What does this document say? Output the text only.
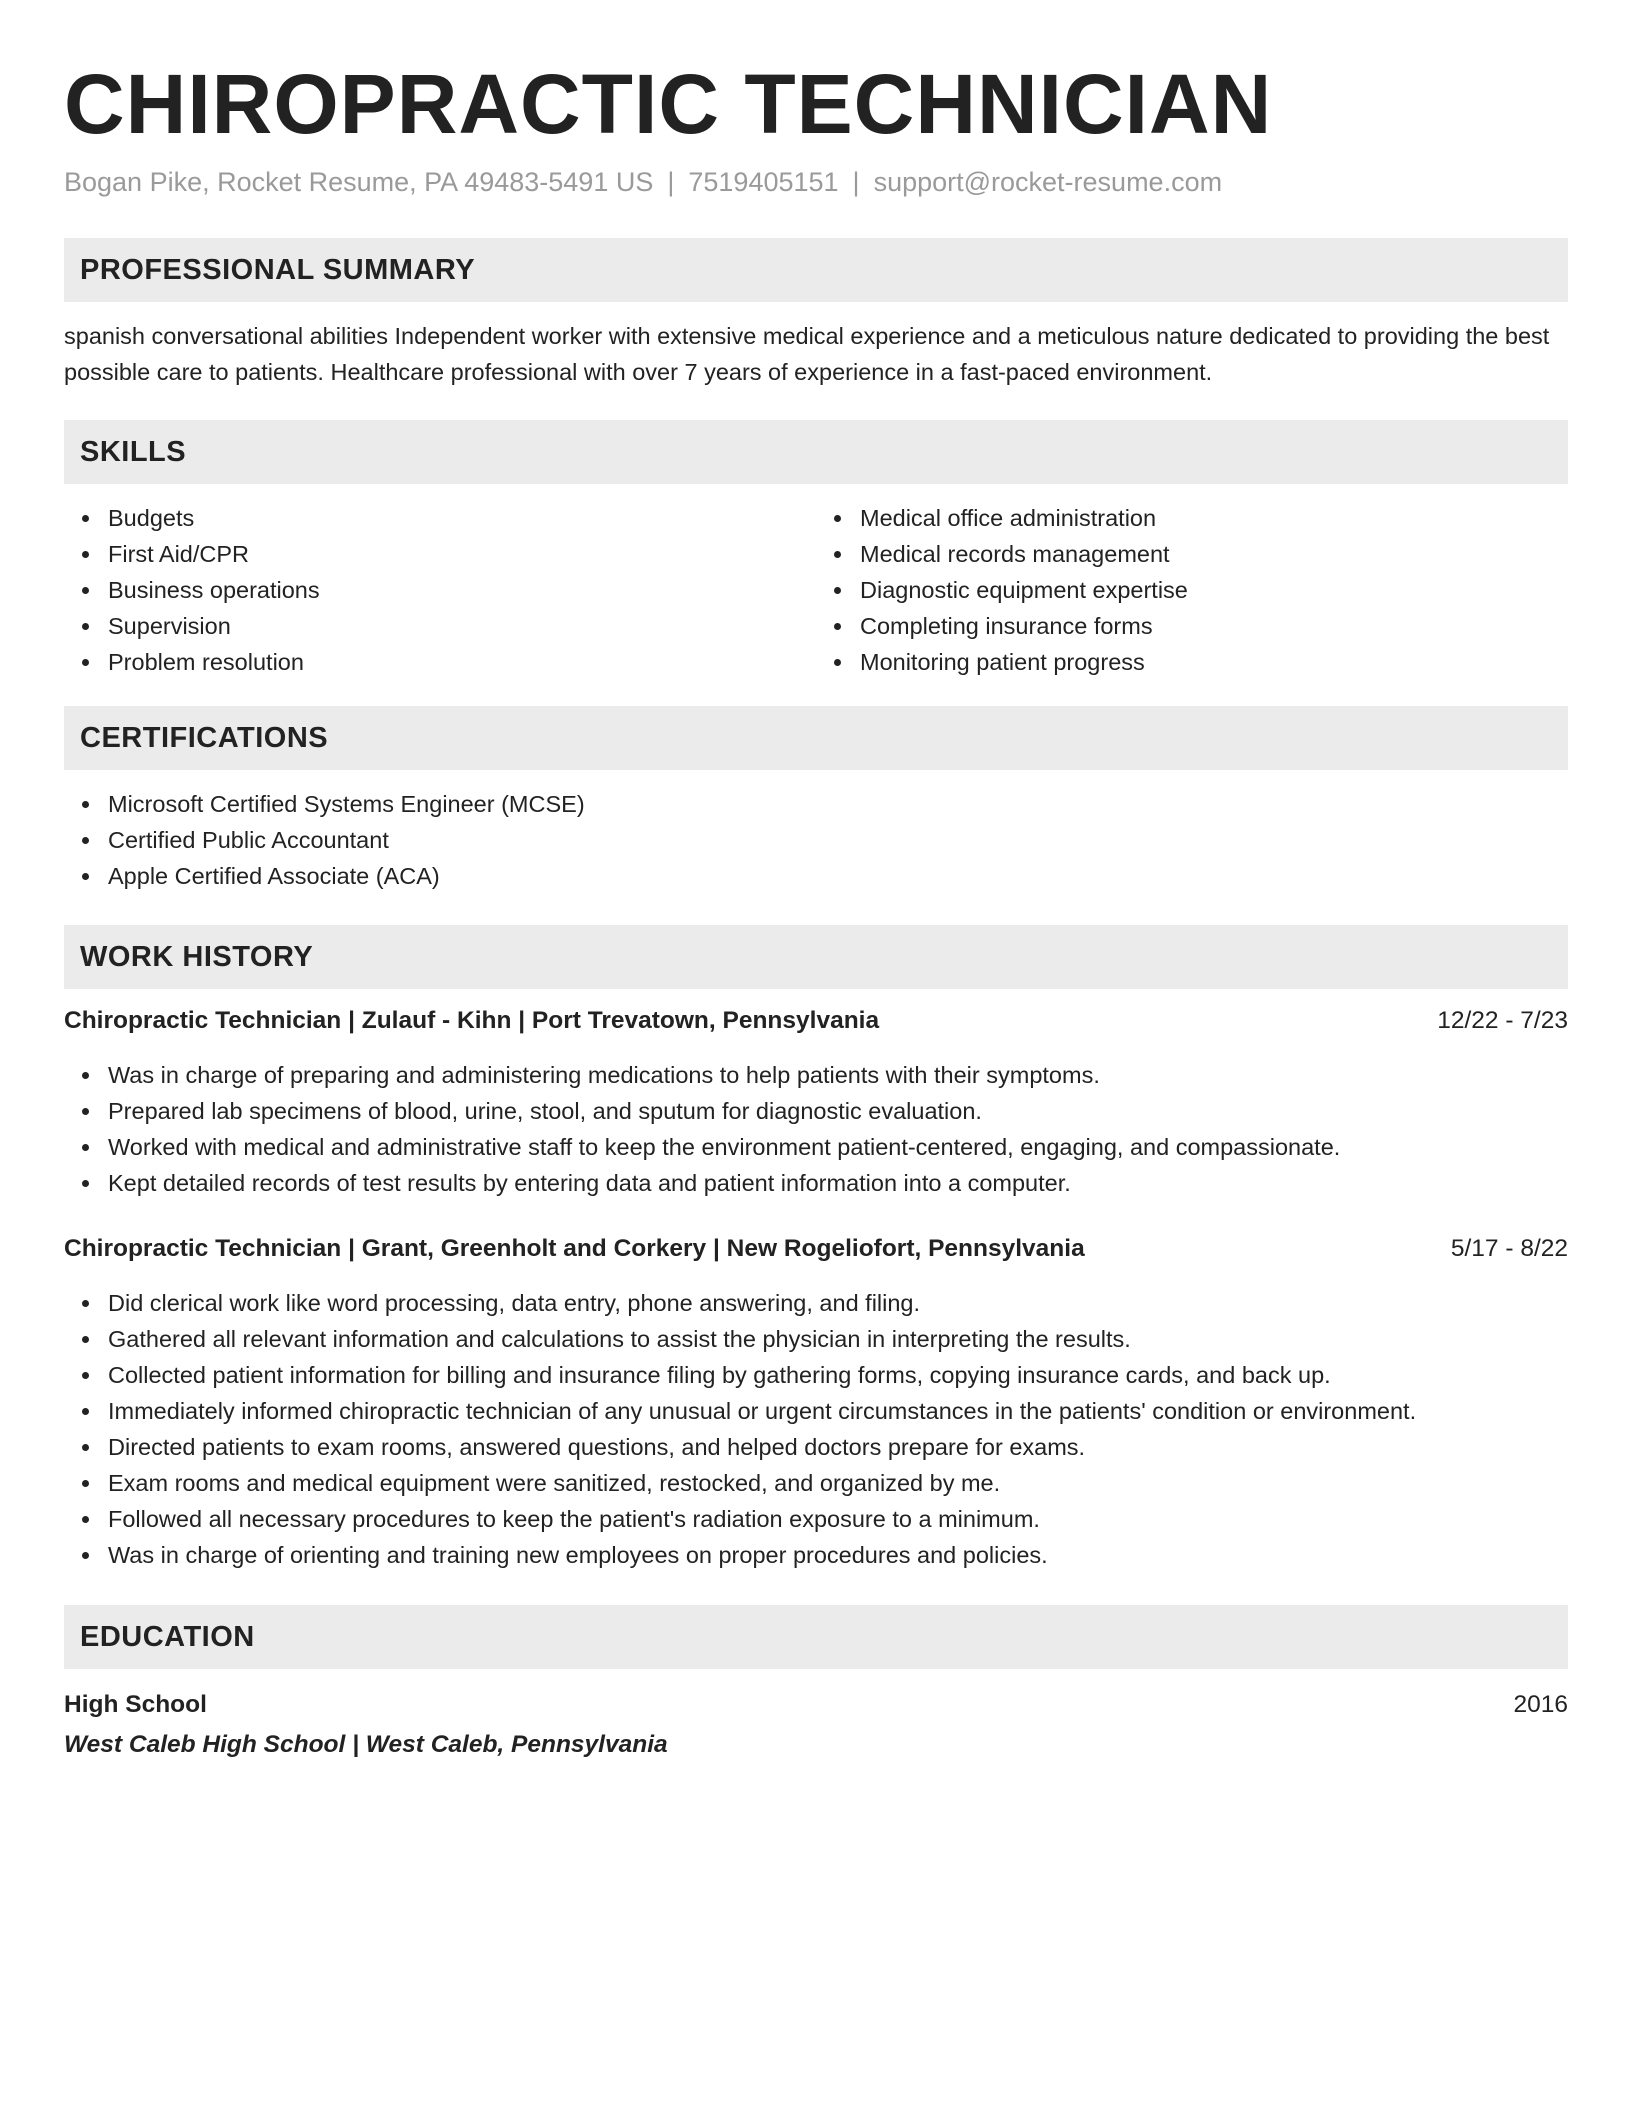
CHIROPRACTIC TECHNICIAN
Bogan Pike, Rocket Resume, PA 49483-5491 US | 7519405151 | support@rocket-resume.com
PROFESSIONAL SUMMARY

spanish conversational abilities Independent worker with extensive medical experience and a meticulous nature dedicated to providing the best possible care to patients. Healthcare professional with over 7 years of experience in a fast-paced environment.

SKILLS
Budgets
First Aid/CPR
Business operations
Supervision
Problem resolution
Medical office administration
Medical records management
Diagnostic equipment expertise
Completing insurance forms
Monitoring patient progress
CERTIFICATIONS
Microsoft Certified Systems Engineer (MCSE)
Certified Public Accountant
Apple Certified Associate (ACA)
WORK HISTORY
Chiropractic Technician | Zulauf - Kihn | Port Trevatown, Pennsylvania	12/22 - 7/23
Was in charge of preparing and administering medications to help patients with their symptoms.
Prepared lab specimens of blood, urine, stool, and sputum for diagnostic evaluation.
Worked with medical and administrative staff to keep the environment patient-centered, engaging, and compassionate.
Kept detailed records of test results by entering data and patient information into a computer.
Chiropractic Technician | Grant, Greenholt and Corkery | New Rogeliofort, Pennsylvania	5/17 - 8/22
Did clerical work like word processing, data entry, phone answering, and filing.
Gathered all relevant information and calculations to assist the physician in interpreting the results.
Collected patient information for billing and insurance filing by gathering forms, copying insurance cards, and back up.
Immediately informed chiropractic technician of any unusual or urgent circumstances in the patients' condition or environment.
Directed patients to exam rooms, answered questions, and helped doctors prepare for exams.
Exam rooms and medical equipment were sanitized, restocked, and organized by me.
Followed all necessary procedures to keep the patient's radiation exposure to a minimum.
Was in charge of orienting and training new employees on proper procedures and policies.
EDUCATION
High School	2016
West Caleb High School | West Caleb, Pennsylvania
